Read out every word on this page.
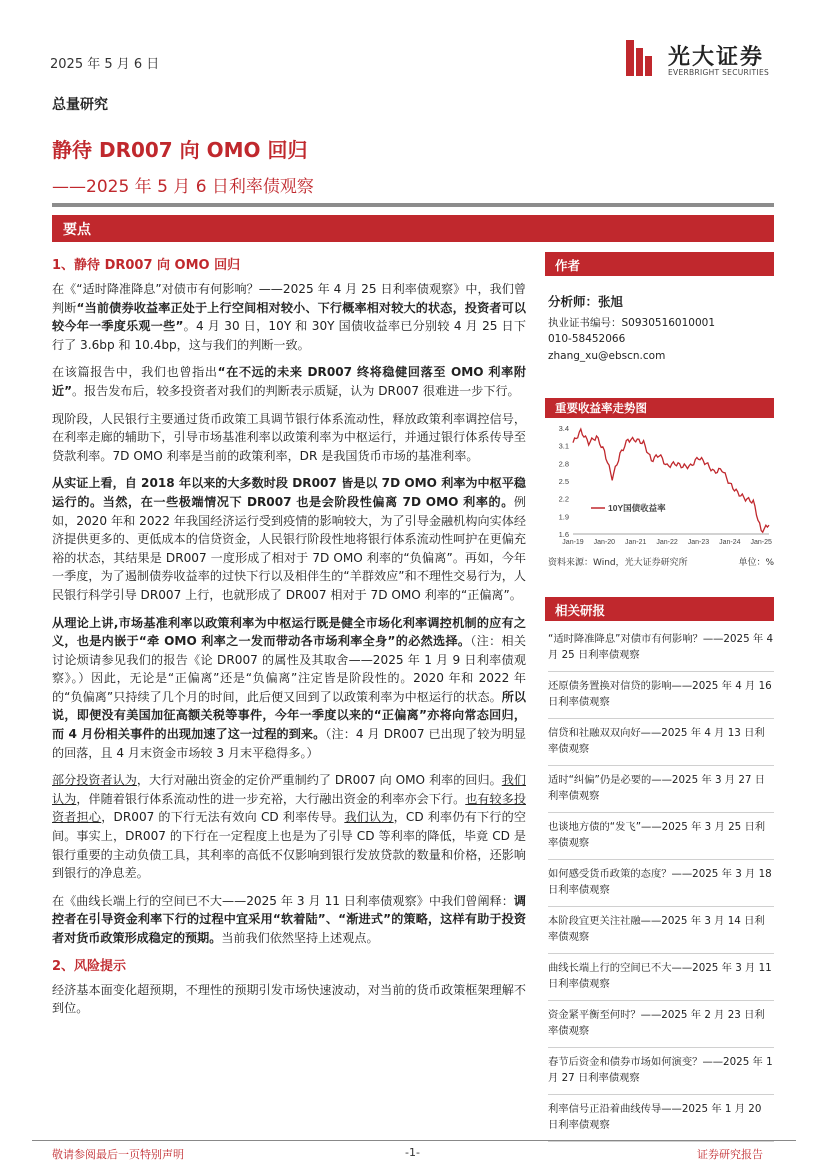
2025 年 5 月 6 日	光大证券
EVERBRIGHT SECURITIES
总量研究
静待 DR007 向 OMO 回归
——2025 年 5 月 6 日利率债观察
要点
1、静待 DR007 向 OMO 回归

在《“适时降准降息”对债市有何影响？——2025 年 4 月 25 日利率债观察》中，我们曾判断“当前债券收益率正处于上行空间相对较小、下行概率相对较大的状态，投资者可以较今年一季度乐观一些”。4 月 30 日，10Y 和 30Y 国债收益率已分别较 4 月 25 日下行了 3.6bp 和 10.4bp，这与我们的判断一致。

在该篇报告中，我们也曾指出“在不远的未来 DR007 终将稳健回落至 OMO 利率附近”。报告发布后，较多投资者对我们的判断表示质疑，认为 DR007 很难进一步下行。

现阶段，人民银行主要通过货币政策工具调节银行体系流动性，释放政策利率调控信号，在利率走廊的辅助下，引导市场基准利率以政策利率为中枢运行，并通过银行体系传导至贷款利率。7D OMO 利率是当前的政策利率，DR 是我国货币市场的基准利率。

从实证上看，自 2018 年以来的大多数时段 DR007 皆是以 7D OMO 利率为中枢平稳运行的。当然，在一些极端情况下 DR007 也是会阶段性偏离 7D OMO 利率的。例如，2020 年和 2022 年我国经济运行受到疫情的影响较大，为了引导金融机构向实体经济提供更多的、更低成本的信贷资金，人民银行阶段性地将银行体系流动性呵护在更偏充裕的状态，其结果是 DR007 一度形成了相对于 7D OMO 利率的“负偏离”。再如，今年一季度，为了遏制债券收益率的过快下行以及相伴生的“羊群效应”和不理性交易行为，人民银行科学引导 DR007 上行，也就形成了 DR007 相对于 7D OMO 利率的“正偏离”。

从理论上讲,市场基准利率以政策利率为中枢运行既是健全市场化利率调控机制的应有之义，也是内嵌于“牵 OMO 利率之一发而带动各市场利率全身”的必然选择。（注：相关讨论烦请参见我们的报告《论 DR007 的属性及其取舍——2025 年 1 月 9 日利率债观察》。）因此，无论是“正偏离”还是“负偏离”注定皆是阶段性的。2020 年和 2022 年的“负偏离”只持续了几个月的时间，此后便又回到了以政策利率为中枢运行的状态。所以说，即便没有美国加征高额关税等事件，今年一季度以来的“正偏离”亦将向常态回归，而 4 月份相关事件的出现加速了这一过程的到来。（注：4 月 DR007 已出现了较为明显的回落，且 4 月末资金市场较 3 月末平稳得多。）

部分投资者认为，大行对融出资金的定价严重制约了 DR007 向 OMO 利率的回归。我们认为，伴随着银行体系流动性的进一步充裕，大行融出资金的利率亦会下行。也有较多投资者担心，DR007 的下行无法有效向 CD 利率传导。我们认为，CD 利率仍有下行的空间。事实上，DR007 的下行在一定程度上也是为了引导 CD 等利率的降低，毕竟 CD 是银行重要的主动负债工具，其利率的高低不仅影响到银行发放贷款的数量和价格，还影响到银行的净息差。

在《曲线长端上行的空间已不大——2025 年 3 月 11 日利率债观察》中我们曾阐释：调控者在引导资金利率下行的过程中宜采用“软着陆”、“渐进式”的策略，这样有助于投资者对货币政策形成稳定的预期。当前我们依然坚持上述观点。

2、风险提示

经济基本面变化超预期，不理性的预期引发市场快速波动，对当前的货币政策框架理解不到位。

作者
分析师：张旭
执业证书编号：S0930516010001
010-58452066
zhang_xu@ebscn.com
重要收益率走势图
3.4
3.1
2.8
2.5
2.2
1.9
1.6
Jan-19 Jan-20 Jan-21 Jan-22 Jan-23 Jan-24 Jan-25
10Y国债收益率
资料来源：Wind，光大证券研究所	单位：%
相关研报
“适时降准降息”对债市有何影响？——2025 年 4 月 25 日利率债观察
还原债务置换对信贷的影响——2025 年 4 月 16 日利率债观察
信贷和社融双双向好——2025 年 4 月 13 日利率债观察
适时“纠偏”仍是必要的——2025 年 3 月 27 日利率债观察
也谈地方债的“发飞”——2025 年 3 月 25 日利率债观察
如何感受货币政策的态度？——2025 年 3 月 18 日利率债观察
本阶段宜更关注社融——2025 年 3 月 14 日利率债观察
曲线长端上行的空间已不大——2025 年 3 月 11 日利率债观察
资金紧平衡至何时？——2025 年 2 月 23 日利率债观察
春节后资金和债券市场如何演变？——2025 年 1 月 27 日利率债观察
利率信号正沿着曲线传导——2025 年 1 月 20 日利率债观察
敬请参阅最后一页特别声明	-1-	证券研究报告
